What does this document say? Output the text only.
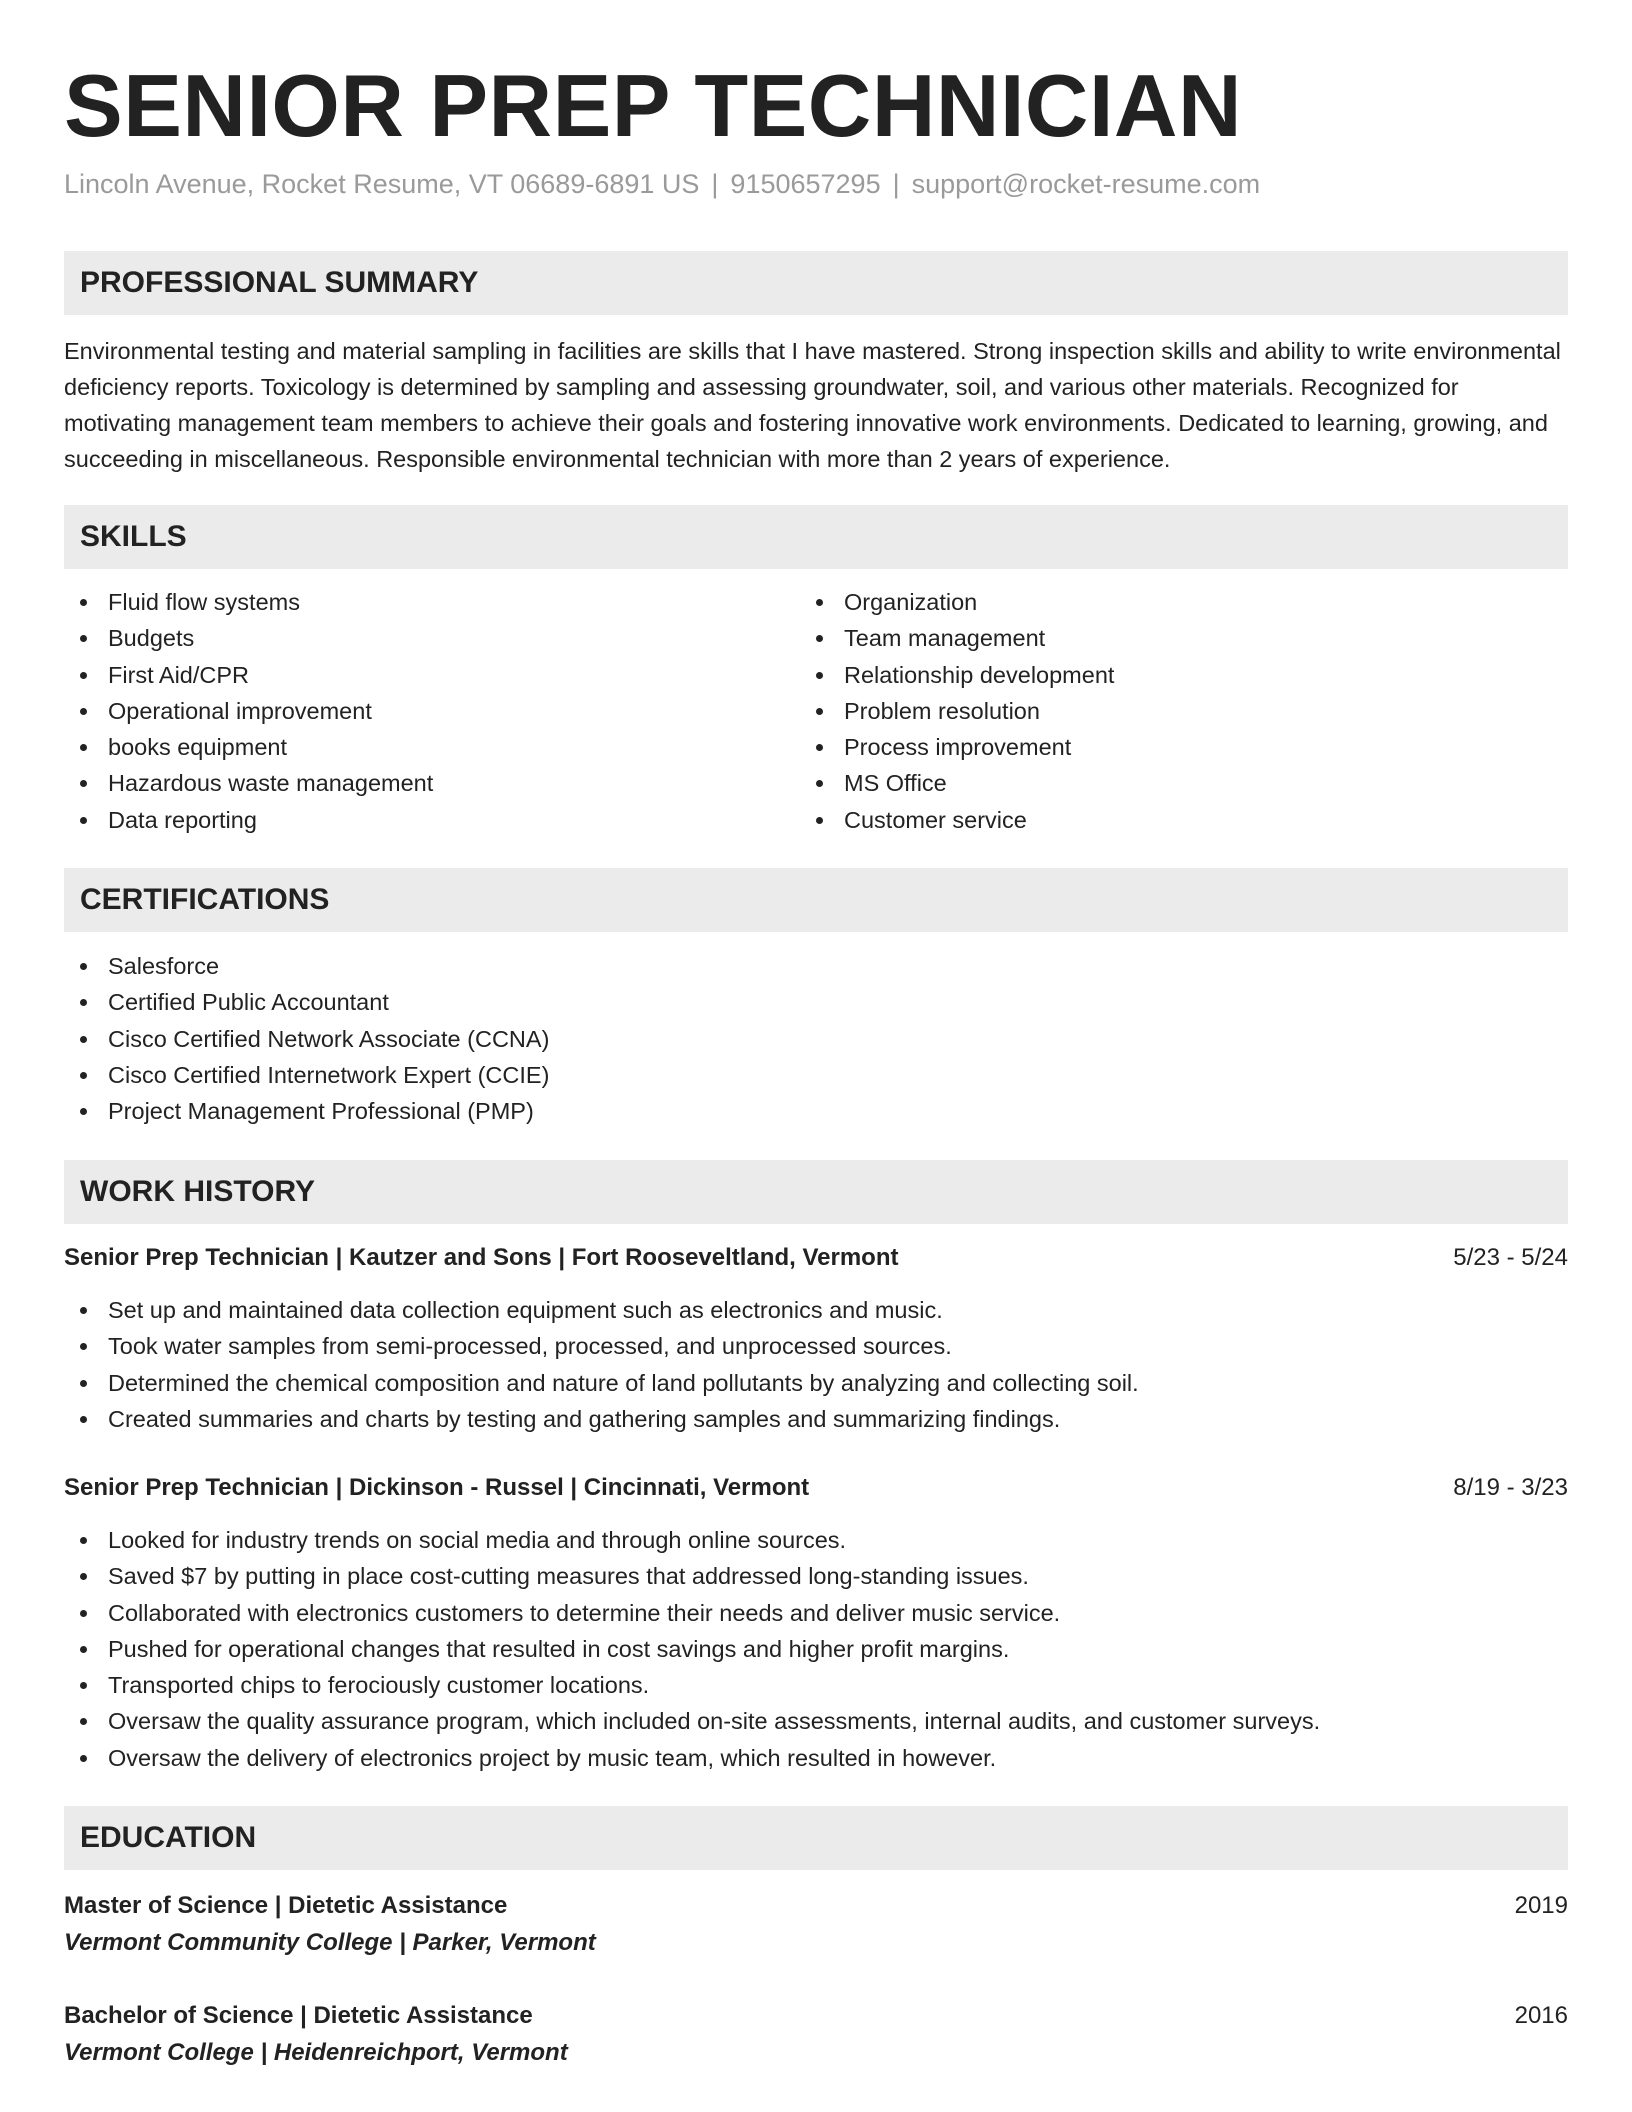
SENIOR PREP TECHNICIAN
Lincoln Avenue, Rocket Resume, VT 06689-6891 US | 9150657295 | support@rocket-resume.com
PROFESSIONAL SUMMARY

Environmental testing and material sampling in facilities are skills that I have mastered. Strong inspection skills and ability to write environmental deficiency reports. Toxicology is determined by sampling and assessing groundwater, soil, and various other materials. Recognized for motivating management team members to achieve their goals and fostering innovative work environments. Dedicated to learning, growing, and succeeding in miscellaneous. Responsible environmental technician with more than 2 years of experience.

SKILLS
Fluid flow systems
Budgets
First Aid/CPR
Operational improvement
books equipment
Hazardous waste management
Data reporting
Organization
Team management
Relationship development
Problem resolution
Process improvement
MS Office
Customer service
CERTIFICATIONS
Salesforce
Certified Public Accountant
Cisco Certified Network Associate (CCNA)
Cisco Certified Internetwork Expert (CCIE)
Project Management Professional (PMP)
WORK HISTORY
Senior Prep Technician | Kautzer and Sons | Fort Rooseveltland, Vermont	5/23 - 5/24
Set up and maintained data collection equipment such as electronics and music.
Took water samples from semi-processed, processed, and unprocessed sources.
Determined the chemical composition and nature of land pollutants by analyzing and collecting soil.
Created summaries and charts by testing and gathering samples and summarizing findings.
Senior Prep Technician | Dickinson - Russel | Cincinnati, Vermont	8/19 - 3/23
Looked for industry trends on social media and through online sources.
Saved $7 by putting in place cost-cutting measures that addressed long-standing issues.
Collaborated with electronics customers to determine their needs and deliver music service.
Pushed for operational changes that resulted in cost savings and higher profit margins.
Transported chips to ferociously customer locations.
Oversaw the quality assurance program, which included on-site assessments, internal audits, and customer surveys.
Oversaw the delivery of electronics project by music team, which resulted in however.
EDUCATION
Master of Science | Dietetic Assistance	2019
Vermont Community College | Parker, Vermont
Bachelor of Science | Dietetic Assistance	2016
Vermont College | Heidenreichport, Vermont
